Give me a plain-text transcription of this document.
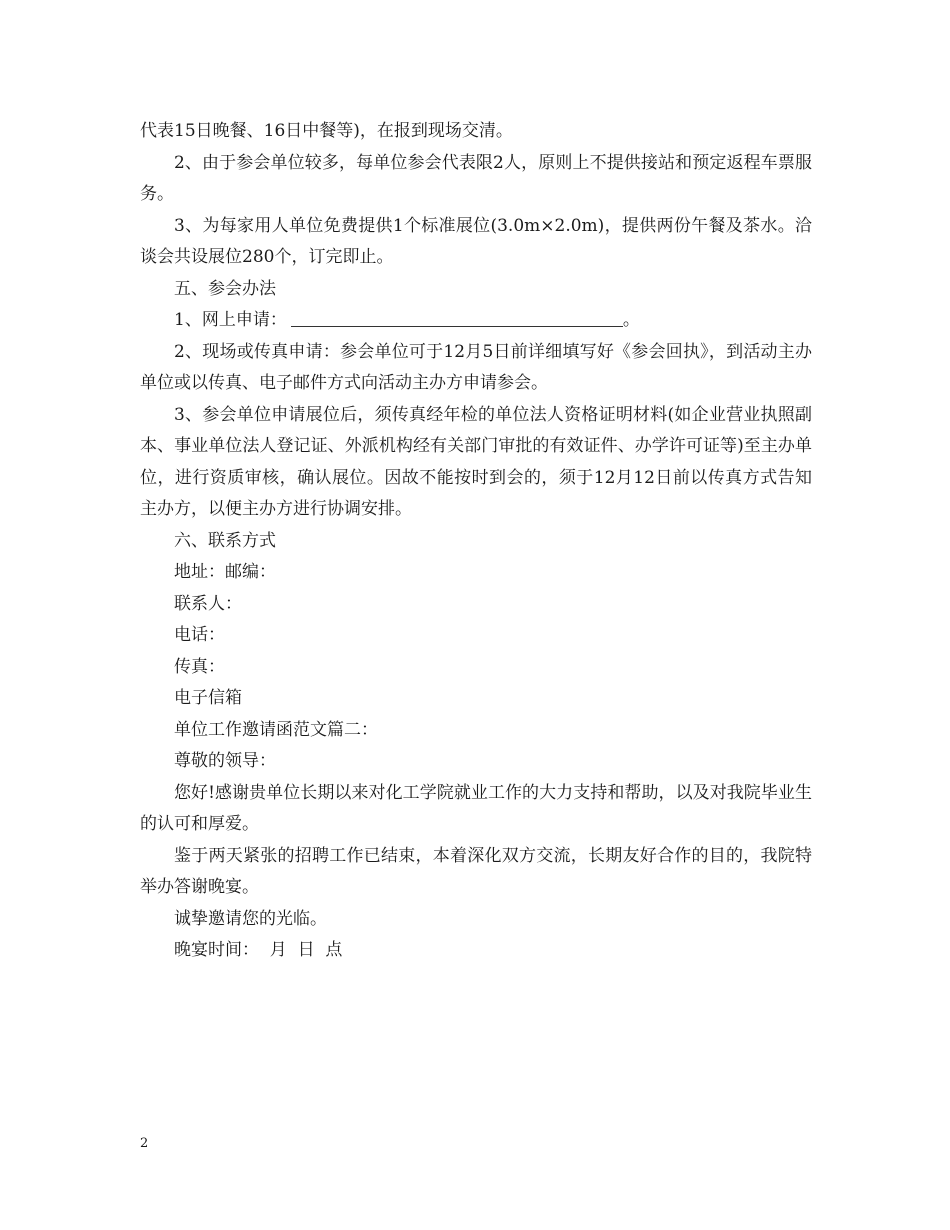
代表15日晚餐、16日中餐等)，在报到现场交清。

2、由于参会单位较多，每单位参会代表限2人，原则上不提供接站和预定返程车票服务。

3、为每家用人单位免费提供1个标准展位(3.0m×2.0m)，提供两份午餐及茶水。洽谈会共设展位280个，订完即止。

五、参会办法

1、网上申请：	。

2、现场或传真申请：参会单位可于12月5日前详细填写好《参会回执》，到活动主办单位或以传真、电子邮件方式向活动主办方申请参会。

3、参会单位申请展位后，须传真经年检的单位法人资格证明材料(如企业营业执照副本、事业单位法人登记证、外派机构经有关部门审批的有效证件、办学许可证等)至主办单位，进行资质审核，确认展位。因故不能按时到会的，须于12月12日前以传真方式告知主办方，以便主办方进行协调安排。

六、联系方式

地址：邮编：

联系人：

电话：

传真：

电子信箱

单位工作邀请函范文篇二：

尊敬的领导：

您好!感谢贵单位长期以来对化工学院就业工作的大力支持和帮助，以及对我院毕业生的认可和厚爱。

鉴于两天紧张的招聘工作已结束，本着深化双方交流，长期友好合作的目的，我院特举办答谢晚宴。

诚挚邀请您的光临。

晚宴时间：  月  日  点

2
